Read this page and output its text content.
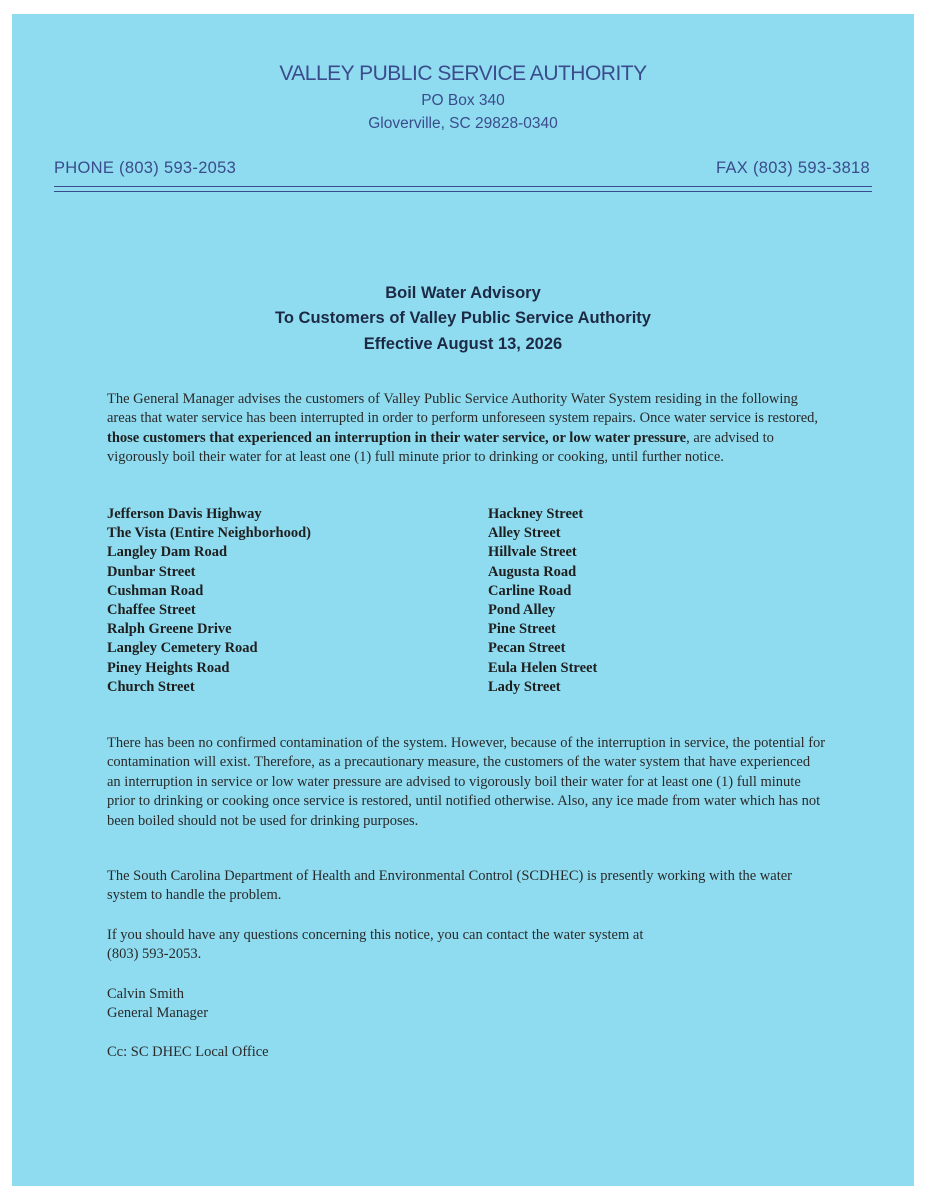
VALLEY PUBLIC SERVICE AUTHORITY
PO Box 340
Gloverville, SC 29828-0340
PHONE (803) 593-2053	FAX (803) 593-3818
Boil Water Advisory
To Customers of Valley Public Service Authority
Effective August 13, 2026

The General Manager advises the customers of Valley Public Service Authority Water System residing in the following areas that water service has been interrupted in order to perform unforeseen system repairs. Once water service is restored, those customers that experienced an interruption in their water service, or low water pressure, are advised to vigorously boil their water for at least one (1) full minute prior to drinking or cooking, until further notice.

Jefferson Davis Highway
The Vista (Entire Neighborhood)
Langley Dam Road
Dunbar Street
Cushman Road
Chaffee Street
Ralph Greene Drive
Langley Cemetery Road
Piney Heights Road
Church Street
Hackney Street
Alley Street
Hillvale Street
Augusta Road
Carline Road
Pond Alley
Pine Street
Pecan Street
Eula Helen Street
Lady Street

There has been no confirmed contamination of the system. However, because of the interruption in service, the potential for contamination will exist. Therefore, as a precautionary measure, the customers of the water system that have experienced an interruption in service or low water pressure are advised to vigorously boil their water for at least one (1) full minute prior to drinking or cooking once service is restored, until notified otherwise. Also, any ice made from water which has not been boiled should not be used for drinking purposes.

The South Carolina Department of Health and Environmental Control (SCDHEC) is presently working with the water system to handle the problem.

If you should have any questions concerning this notice, you can contact the water system at
(803) 593-2053.
Calvin Smith
General Manager
Cc: SC DHEC Local Office
